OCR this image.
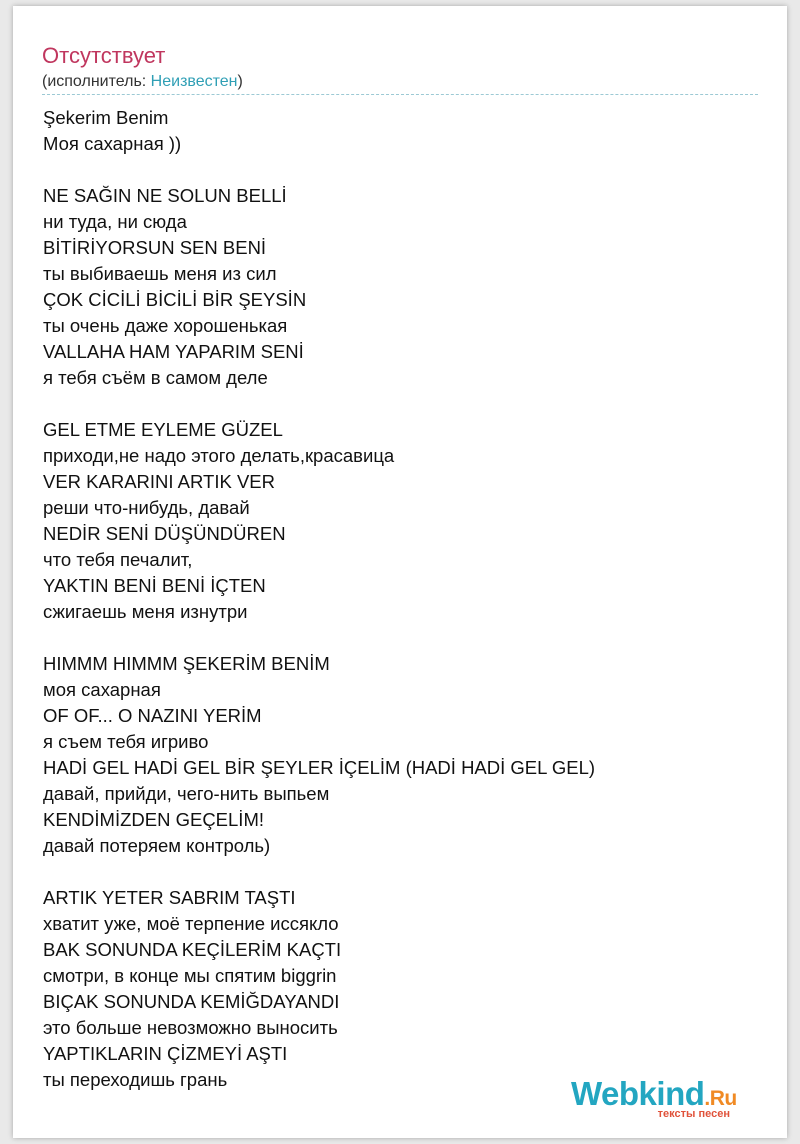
Отсутствует
(исполнитель: Неизвестен)
Şekerim Benim
Моя сахарная ))
NE SAĞIN NE SOLUN BELLİ
ни туда, ни сюда
BİTİRİYORSUN SEN BENİ
ты выбиваешь меня из сил
ÇOK CİCİLİ BİCİLİ BİR ŞEYSİN
ты очень даже хорошенькая
VALLAHA HAM YAPARIM SENİ
я тебя съём в самом деле
GEL ETME EYLEME GÜZEL
приходи,не надо этого делать,красавица
VER KARARINI ARTIK VER
реши что-нибудь, давай
NEDİR SENİ DÜŞÜNDÜREN
что тебя печалит,
YAKTIN BENİ BENİ İÇTEN
сжигаешь меня изнутри
HIMMM HIMMM ŞEKERİM BENİM
моя сахарная
OF OF... O NAZINI YERİM
я съем тебя игриво
HADİ GEL HADİ GEL BİR ŞEYLER İÇELİM (HADİ HADİ GEL GEL)
давай, прийди, чего-нить выпьем
KENDİMİZDEN GEÇELİM!
давай потеряем контроль)
ARTIK YETER SABRIM TAŞTI
хватит уже, моё терпение иссякло
BAK SONUNDA KEÇİLERİM KAÇTI
смотри, в конце мы спятим biggrin
BIÇAK SONUNDA KEMİĞDAYANDI
это больше невозможно выносить
YAPTIKLARIN ÇİZMEYİ AŞTI
ты переходишь грань	Webkind.Ru
тексты песен
